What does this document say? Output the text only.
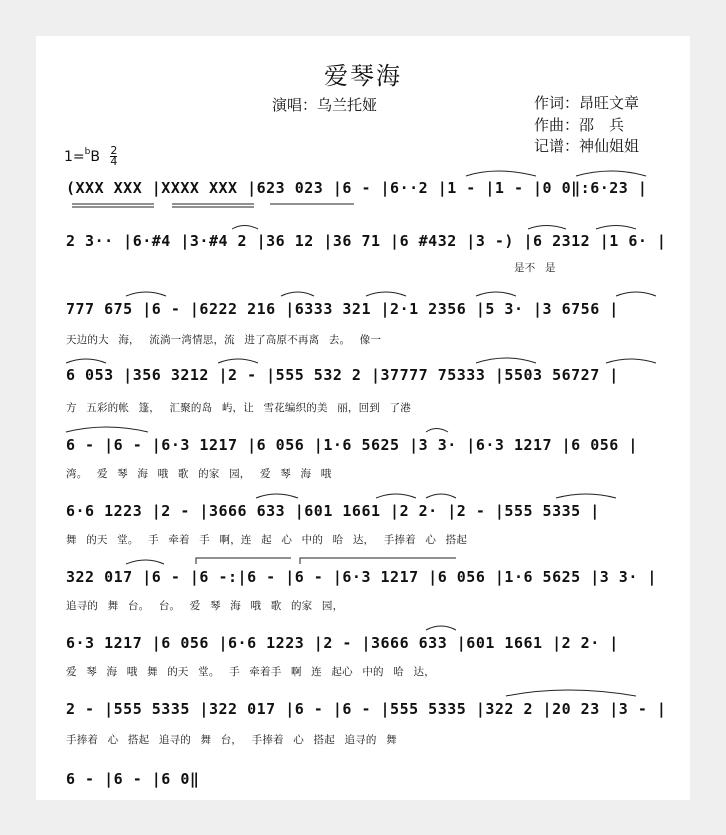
爱琴海
演唱：乌兰托娅	作词：昂旺文章
作曲：邵　兵
记谱：神仙姐姐
$1=^bB \frac{2}{4}$
(XXX XXX |XXXX XXX |623 023 |6 - |6··2 |1 - |1 - |0 0‖:6·23 |
2 3·· |6·#4 |3·#4 2 |36 12 |36 71 |6 #432 |3 -) |6 2312 |1 6· |
是不 是
777 675 |6 - |6222 216 |6333 321 |2·1 2356 |5 3· |3 6756 |
天边的大 海， 流淌一湾情思，流 进了高原不再离 去。 像一
6 053 |356 3212 |2 - |555 532 2 |37777 75333 |5503 56727 |
方 五彩的帐 篷， 汇聚的岛 屿，让 雪花编织的美 丽，回到 了港
6 - |6 - |6·3 1217 |6 056 |1·6 5625 |3 3· |6·3 1217 |6 056 |
湾。 爱 琴 海 哦 歌 的家 园， 爱 琴 海 哦
6·6 1223 |2 - |3666 633 |601 1661 |2 2· |2 - |555 5335 |
舞 的天 堂。 手 牵着 手 啊，连 起 心 中的 哈 达， 手捧着 心 搭起
322 017 |6 - |6 -:|6 - |6 - |6·3 1217 |6 056 |1·6 5625 |3 3· |
追寻的 舞 台。 台。 爱 琴 海 哦 歌 的家 园，
6·3 1217 |6 056 |6·6 1223 |2 - |3666 633 |601 1661 |2 2· |
爱 琴 海 哦 舞 的天 堂。 手 牵着手 啊 连 起心 中的 哈 达，
2 - |555 5335 |322 017 |6 - |6 - |555 5335 |322 2 |20 23 |3 - |
手捧着 心 搭起 追寻的 舞 台， 手捧着 心 搭起 追寻的 舞
6 - |6 - |6 0‖
